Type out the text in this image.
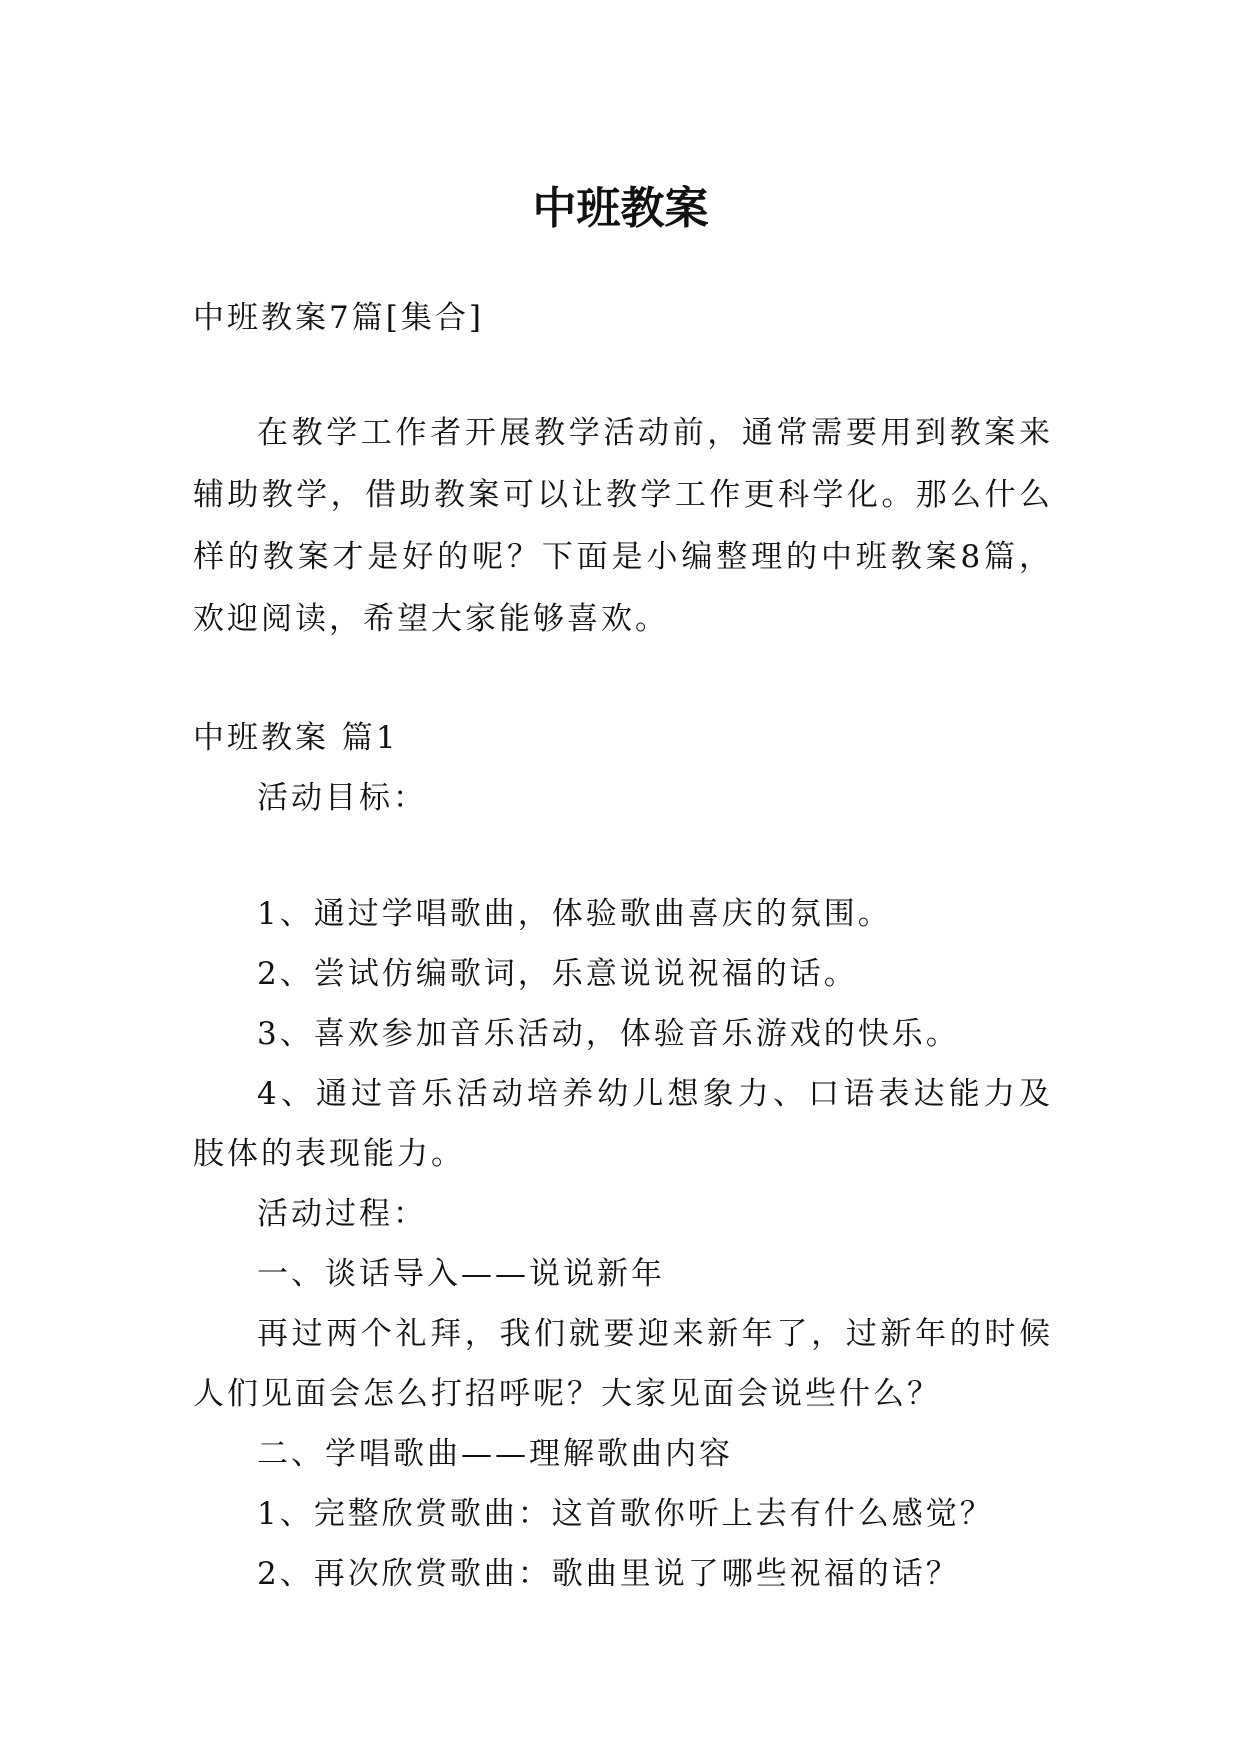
中班教案

中班教案7篇[集合]

在教学工作者开展教学活动前，通常需要用到教案来辅助教学，借助教案可以让教学工作更科学化。那么什么样的教案才是好的呢？下面是小编整理的中班教案8篇，欢迎阅读，希望大家能够喜欢。

中班教案 篇1

活动目标：

1、通过学唱歌曲，体验歌曲喜庆的氛围。

2、尝试仿编歌词，乐意说说祝福的话。

3、喜欢参加音乐活动，体验音乐游戏的快乐。

4、通过音乐活动培养幼儿想象力、口语表达能力及肢体的表现能力。

活动过程：

一、谈话导入——说说新年

再过两个礼拜，我们就要迎来新年了，过新年的时候人们见面会怎么打招呼呢？大家见面会说些什么？

二、学唱歌曲——理解歌曲内容

1、完整欣赏歌曲：这首歌你听上去有什么感觉？

2、再次欣赏歌曲：歌曲里说了哪些祝福的话？
